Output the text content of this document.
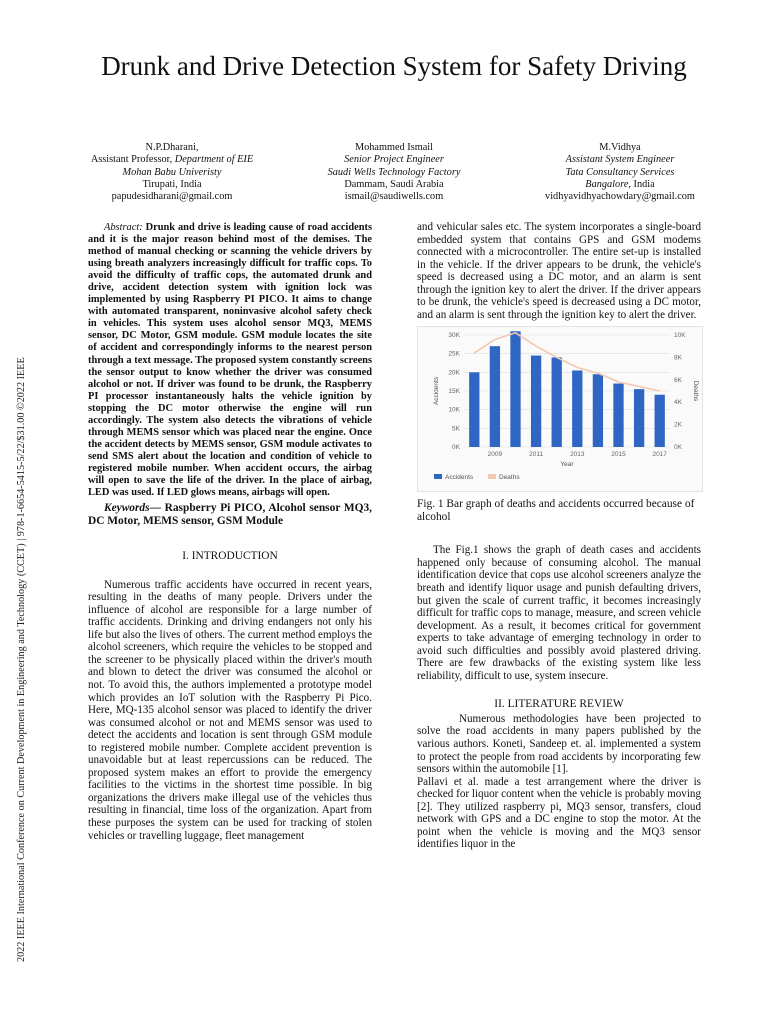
2022 IEEE International Conference on Current Development in Engineering and Technology (CCET) | 978-1-6654-5415-5/22/$31.00 ©2022 IEEE
Drunk and Drive Detection System for Safety Driving
N.P.Dharani,
Assistant Professor, Department of EIE
Mohan Babu Univeristy
Tirupati, India
papudesidharani@gmail.com
Mohammed Ismail
Senior Project Engineer
Saudi Wells Technology Factory
Dammam, Saudi Arabia
ismail@saudiwells.com
M.Vidhya
Assistant System Engineer
Tata Consultancy Services
Bangalore, India
vidhyavidhyachowdary@gmail.com

Abstract: Drunk and drive is leading cause of road accidents and it is the major reason behind most of the demises. The method of manual checking or scanning the vehicle drivers by using breath analyzers increasingly difficult for traffic cops. To avoid the difficulty of traffic cops, the automated drunk and drive, accident detection system with ignition lock was implemented by using Raspberry PI PICO. It aims to change with automated transparent, noninvasive alcohol safety check in vehicles. This system uses alcohol sensor MQ3, MEMS sensor, DC Motor, GSM module. GSM module locates the site of accident and correspondingly informs to the nearest person through a text message. The proposed system constantly screens the sensor output to know whether the driver was consumed alcohol or not. If driver was found to be drunk, the Raspberry PI processor instantaneously halts the vehicle ignition by stopping the DC motor otherwise the engine will run accordingly. The system also detects the vibrations of vehicle through MEMS sensor which was placed near the engine. Once the accident detects by MEMS sensor, GSM module activates to send SMS alert about the location and condition of vehicle to registered mobile number. When accident occurs, the airbag will open to save the life of the driver. In the place of airbag, LED was used. If LED glows means, airbags will open.

Keywords— Raspberry Pi PICO, Alcohol sensor MQ3, DC Motor, MEMS sensor, GSM Module

I. INTRODUCTION

Numerous traffic accidents have occurred in recent years, resulting in the deaths of many people. Drivers under the influence of alcohol are responsible for a large number of traffic accidents. Drinking and driving endangers not only his life but also the lives of others. The current method employs the alcohol screeners, which require the vehicles to be stopped and the screener to be physically placed within the driver's mouth and blown to detect the driver was consumed the alcohol or not. To avoid this, the authors implemented a prototype model which provides an IoT solution with the Raspberry Pi Pico. Here, MQ-135 alcohol sensor was placed to identify the driver was consumed alcohol or not and MEMS sensor was used to detect the accidents and location is sent through GSM module to registered mobile number. Complete accident prevention is unavoidable but at least repercussions can be reduced. The proposed system makes an effort to provide the emergency facilities to the victims in the shortest time possible. In big organizations the drivers make illegal use of the vehicles thus resulting in financial, time loss of the organization. Apart from these purposes the system can be used for tracking of stolen vehicles or travelling luggage, fleet management

and vehicular sales etc. The system incorporates a single-board embedded system that contains GPS and GSM modems connected with a microcontroller. The entire set-up is installed in the vehicle. If the driver appears to be drunk, the vehicle's speed is decreased using a DC motor, and an alarm is sent through the ignition key to alert the driver. If the driver appears to be drunk, the vehicle's speed is decreased using a DC motor, and an alarm is sent through the ignition key to alert the driver.

0K
5K
10K
15K
20K
25K
30K
0K
2K
4K
6K
8K
10K
2009	2011	2013	2015	2017
Year
Accidents	Deaths
Accidents	Deaths
Fig. 1 Bar graph of deaths and accidents occurred because of alcohol

The Fig.1 shows the graph of death cases and accidents happened only because of consuming alcohol. The manual identification device that cops use alcohol screeners analyze the breath and identify liquor usage and punish defaulting drivers, but given the scale of current traffic, it becomes increasingly difficult for traffic cops to manage, measure, and screen vehicle development. As a result, it becomes critical for government experts to take advantage of emerging technology in order to avoid such difficulties and possibly avoid plastered driving. There are few drawbacks of the existing system like less reliability, difficult to use, system insecure.

II. LITERATURE REVIEW

Numerous methodologies have been projected to solve the road accidents in many papers published by the various authors. Koneti, Sandeep et. al. implemented a system to protect the people from road accidents by incorporating few sensors within the automobile [1].

Pallavi et al. made a test arrangement where the driver is checked for liquor content when the vehicle is probably moving [2]. They utilized raspberry pi, MQ3 sensor, transfers, cloud network with GPS and a DC engine to stop the motor. At the point when the vehicle is moving and the MQ3 sensor identifies liquor in the
